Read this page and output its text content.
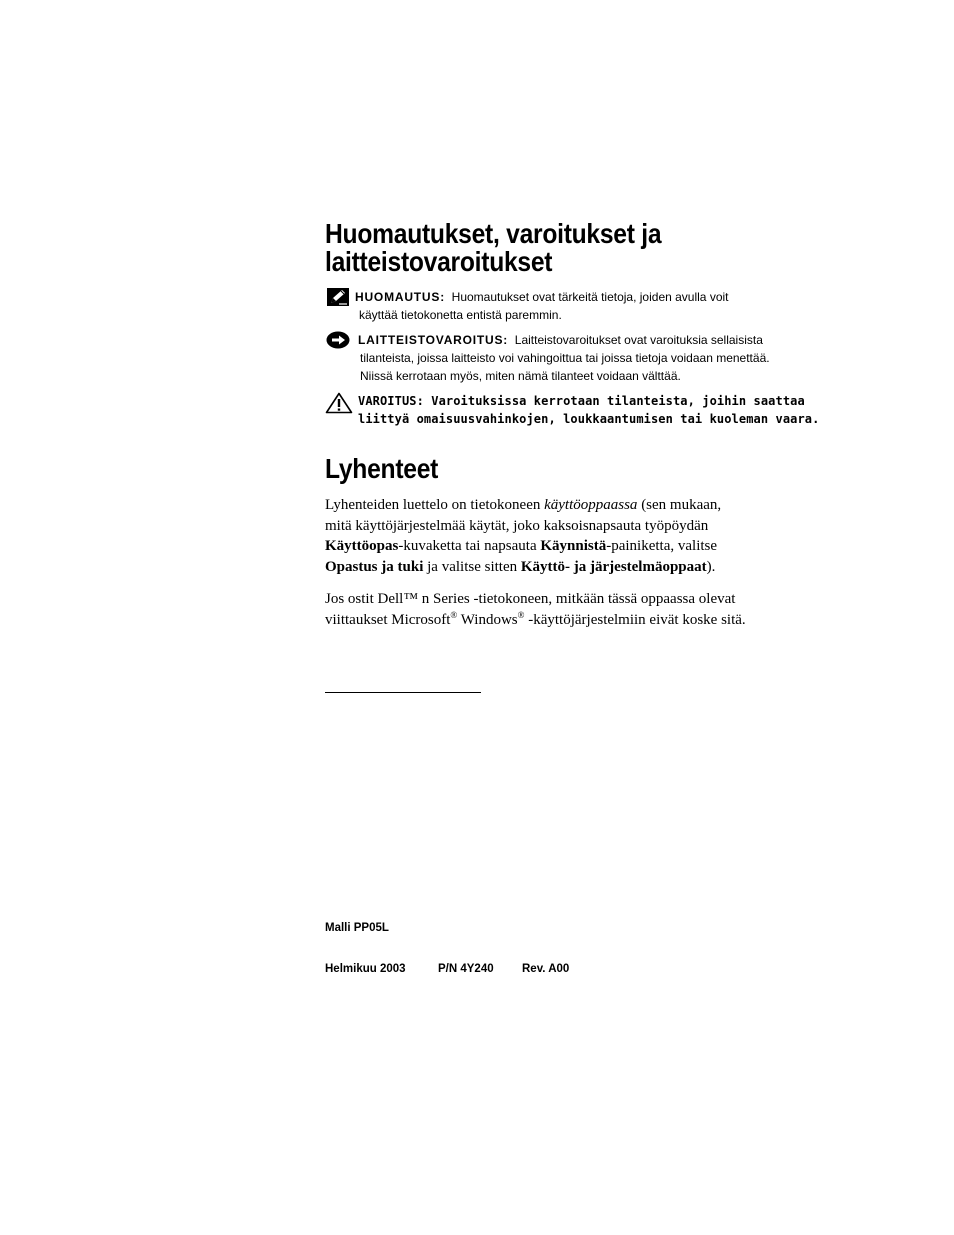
Huomautukset, varoitukset ja
laitteistovaroitukset
HUOMAUTUS: Huomautukset ovat tärkeitä tietoja, joiden avulla voit
käyttää tietokonetta entistä paremmin.
LAITTEISTOVAROITUS: Laitteistovaroitukset ovat varoituksia sellaisista
tilanteista, joissa laitteisto voi vahingoittua tai joissa tietoja voidaan menettää.
Niissä kerrotaan myös, miten nämä tilanteet voidaan välttää.
VAROITUS: Varoituksissa kerrotaan tilanteista, joihin saattaa
liittyä omaisuusvahinkojen, loukkaantumisen tai kuoleman vaara.
Lyhenteet

Lyhenteiden luettelo on tietokoneen käyttöoppaassa (sen mukaan,
mitä käyttöjärjestelmää käytät, joko kaksoisnapsauta työpöydän
Käyttöopas-kuvaketta tai napsauta Käynnistä-painiketta, valitse
Opastus ja tuki ja valitse sitten Käyttö- ja järjestelmäoppaat).

Jos ostit Dell™ n Series -tietokoneen, mitkään tässä oppaassa olevat
viittaukset Microsoft® Windows® -käyttöjärjestelmiin eivät koske sitä.

Malli PP05L
Helmikuu 2003	P/N 4Y240 Rev. A00
